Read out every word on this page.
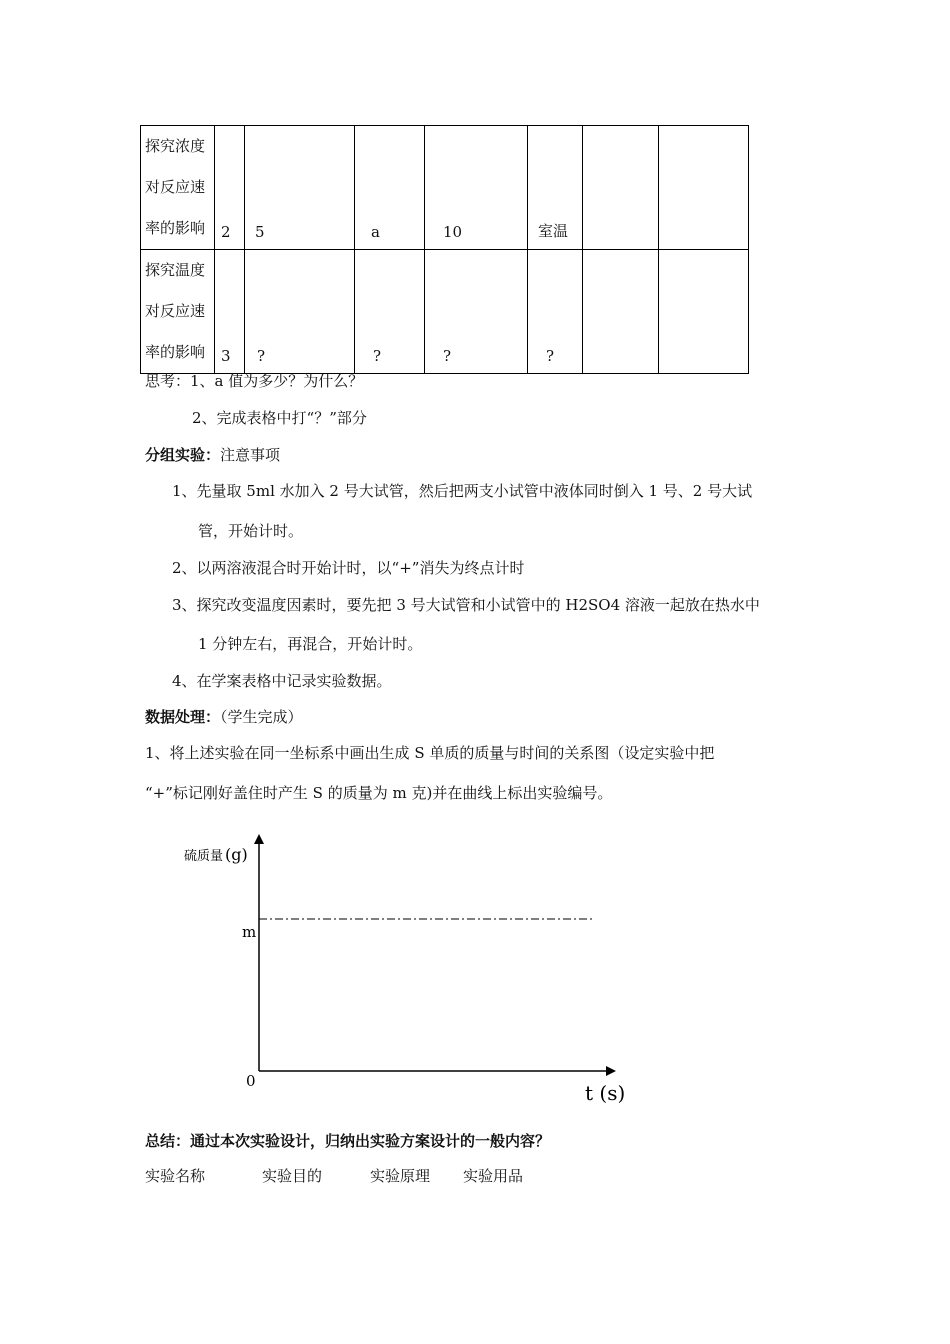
探究浓度
对反应速
率的影响	2	5	a	10	室温		

探究温度
对反应速
率的影响	3	?	?	?	?		
思考：1、a 值为多少？为什么？
2、完成表格中打“？”部分
分组实验：注意事项
1、先量取 5ml 水加入 2 号大试管，然后把两支小试管中液体同时倒入 1 号、2 号大试
管，开始计时。
2、以两溶液混合时开始计时，以“+”消失为终点计时
3、探究改变温度因素时，要先把 3 号大试管和小试管中的 H2SO4 溶液一起放在热水中
1 分钟左右，再混合，开始计时。
4、在学案表格中记录实验数据。
数据处理：（学生完成）
1、将上述实验在同一坐标系中画出生成 S 单质的质量与时间的关系图（设定实验中把
“+”标记刚好盖住时产生 S 的质量为 m 克)并在曲线上标出实验编号。
硫质量 (g)
m
0	t (s)
总结：通过本次实验设计，归纳出实验方案设计的一般内容？
实验名称	实验目的	实验原理 实验用品
